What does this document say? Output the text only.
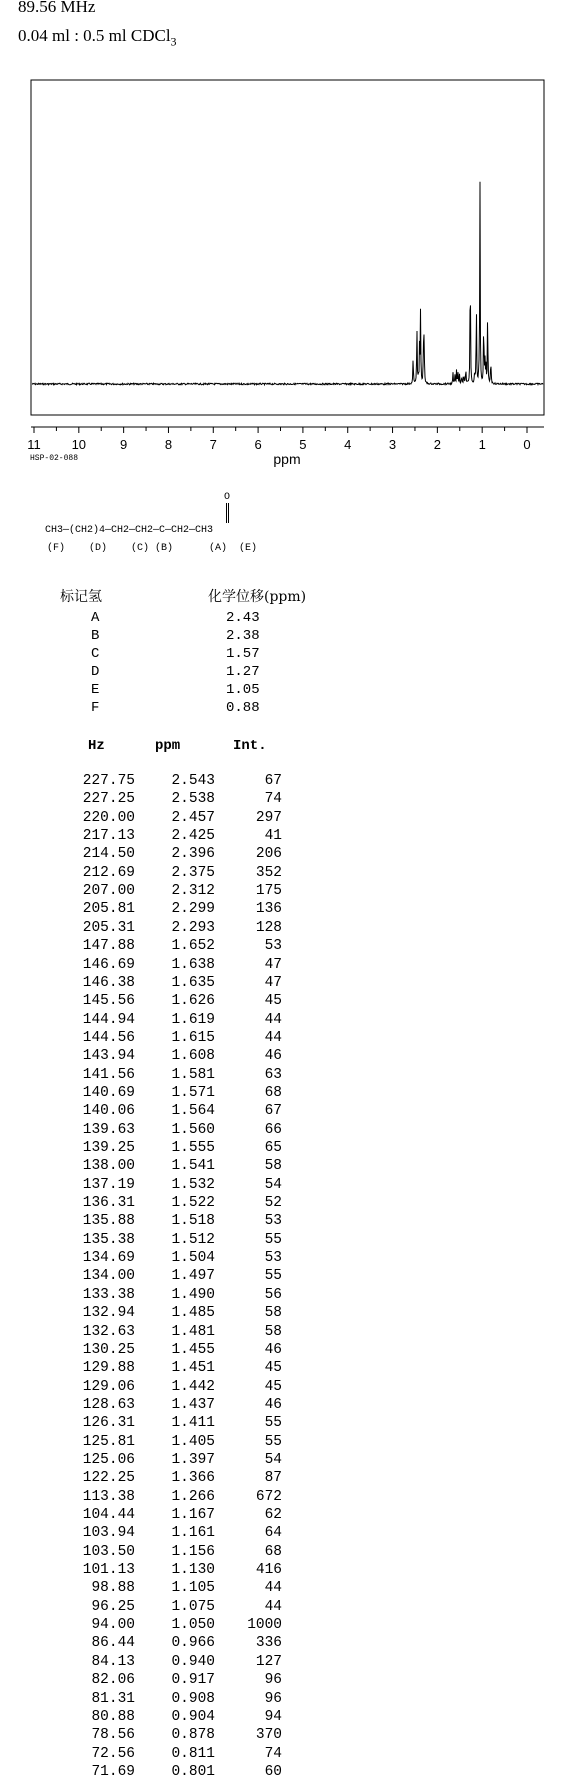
89.56 MHz
0.04 ml : 0.5 ml CDCl$_3$
11 10	9	8	7	6	5	4	3	2	1	0
ppm
HSP-02-088
O
CH3—(CH2)4—CH2—CH2—C—CH2—CH3
(F)    (D)    (C) (B)      (A)  (E)
标记氢	化学位移(ppm)
A	2.43
B	2.38
C	1.57
D	1.27
E	1.05
F	0.88
Hz	ppm	Int.
227.75	2.543	67
227.25	2.538	74
220.00	2.457	297
217.13	2.425	41
214.50	2.396	206
212.69	2.375	352
207.00	2.312	175
205.81	2.299	136
205.31	2.293	128
147.88	1.652	53
146.69	1.638	47
146.38	1.635	47
145.56	1.626	45
144.94	1.619	44
144.56	1.615	44
143.94	1.608	46
141.56	1.581	63
140.69	1.571	68
140.06	1.564	67
139.63	1.560	66
139.25	1.555	65
138.00	1.541	58
137.19	1.532	54
136.31	1.522	52
135.88	1.518	53
135.38	1.512	55
134.69	1.504	53
134.00	1.497	55
133.38	1.490	56
132.94	1.485	58
132.63	1.481	58
130.25	1.455	46
129.88	1.451	45
129.06	1.442	45
128.63	1.437	46
126.31	1.411	55
125.81	1.405	55
125.06	1.397	54
122.25	1.366	87
113.38	1.266	672
104.44	1.167	62
103.94	1.161	64
103.50	1.156	68
101.13	1.130	416
98.88	1.105	44
96.25	1.075	44
94.00	1.050	1000
86.44	0.966	336
84.13	0.940	127
82.06	0.917	96
81.31	0.908	96
80.88	0.904	94
78.56	0.878	370
72.56	0.811	74
71.69	0.801	60
